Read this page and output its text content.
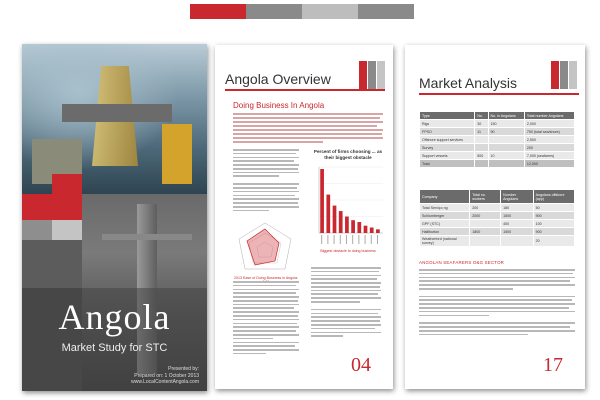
Angola
Market Study for STC
Presented by:
Prepared on: 1 October 2013
www.LocalContentAngola.com
Angola Overview
Doing Business In Angola
Percent of firms choosing ... as their biggest obstacle
Biggest obstacle to doing business
2013 Ease of Doing Business in Angola:
04
Market Analysis
Type	No.	No. in Angolans	Total number Angolans
Rigs	30	150	2,000
FPSO	11	90	750 (total sea/shore)
Offshore support services			2,500
Survey			200
Support vessels	500	10	7,000 (seafarers)
Total			12,000
Company	Total no. workers	Number Angolans	Angolans offshore (app)
Total Serviço ng	200	180	50
Schlumberger	2000	1500	900
GPF (STC)		400	100
Halliburton	1800	1500	900
Weatherford (national survey)			20
ANGOLAN SEAFARERS O&G SECTOR
17
